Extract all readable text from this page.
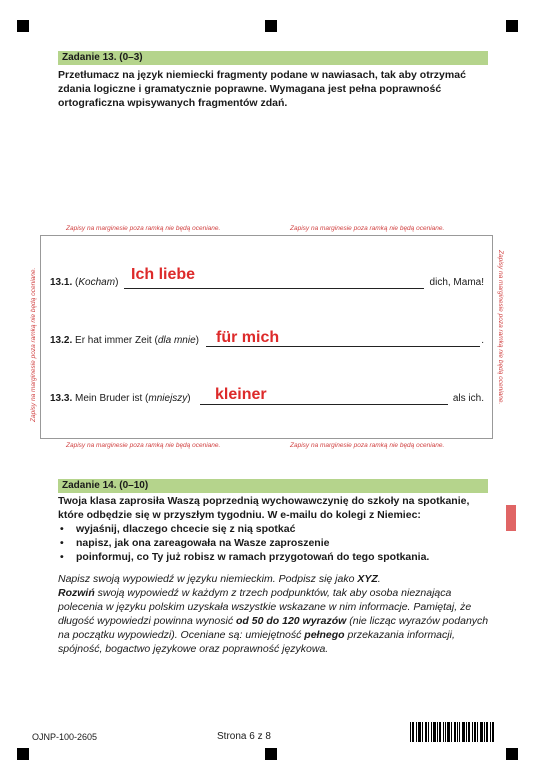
Zadanie 13. (0–3)
Przetłumacz na język niemiecki fragmenty podane w nawiasach, tak aby otrzymać zdania logiczne i gramatycznie poprawne. Wymagana jest pełna poprawność ortograficzna wpisywanych fragmentów zdań.
Zapisy na marginesie poza ramką nie będą oceniane.	Zapisy na marginesie poza ramką nie będą oceniane.
Zapisy na marginesie poza ramką nie będą oceniane.	Zapisy na marginesie poza ramką nie będą oceniane.
Zapisy na marginesie poza ramką nie będą oceniane.	Zapisy na marginesie poza ramką nie będą oceniane.
13.1. (Kocham)	dich, Mama!
Ich liebe
13.2. Er hat immer Zeit (dla mnie)	.
für mich
13.3. Mein Bruder ist (mniejszy)	als ich.
kleiner
Zadanie 14. (0–10)
Twoja klasa zaprosiła Waszą poprzednią wychowawczynię do szkoły na spotkanie, które odbędzie się w przyszłym tygodniu. W e-mailu do kolegi z Niemiec:
• wyjaśnij, dlaczego chcecie się z nią spotkać
• napisz, jak ona zareagowała na Wasze zaproszenie
• poinformuj, co Ty już robisz w ramach przygotowań do tego spotkania.
Napisz swoją wypowiedź w języku niemieckim. Podpisz się jako XYZ.
Rozwiń swoją wypowiedź w każdym z trzech podpunktów, tak aby osoba nieznająca polecenia w języku polskim uzyskała wszystkie wskazane w nim informacje. Pamiętaj, że długość wypowiedzi powinna wynosić od 50 do 120 wyrazów (nie licząc wyrazów podanych na początku wypowiedzi). Oceniane są: umiejętność pełnego przekazania informacji, spójność, bogactwo językowe oraz poprawność językowa.
OJNP-100-2605	Strona 6 z 8
